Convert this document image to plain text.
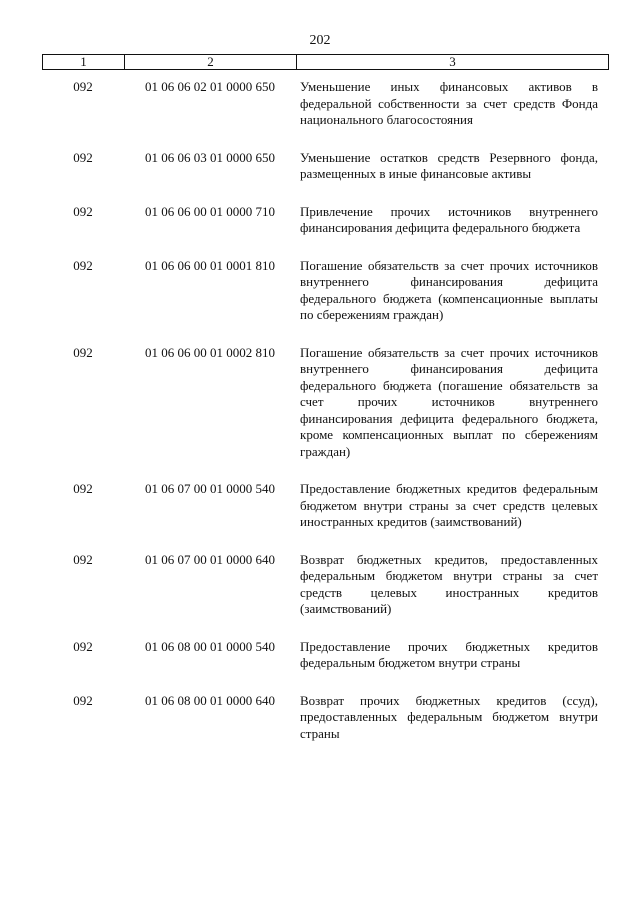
202
1	2	3
092	01 06 06 02 01 0000 650	Уменьшение иных финансовых активов в федеральной собственности за счет средств Фонда национального благосостояния
092	01 06 06 03 01 0000 650	Уменьшение остатков средств Резервного фонда, размещенных в иные финансовые активы
092	01 06 06 00 01 0000 710	Привлечение прочих источников внутреннего финансирования дефицита федерального бюджета
092	01 06 06 00 01 0001 810	Погашение обязательств за счет прочих источников внутреннего финансирования дефицита федерального бюджета (компенсационные выплаты по сбережениям граждан)
092	01 06 06 00 01 0002 810	Погашение обязательств за счет прочих источников внутреннего финансирования дефицита федерального бюджета (погашение обязательств за счет прочих источников внутреннего финансирования дефицита федерального бюджета, кроме компенсационных выплат по сбережениям граждан)
092	01 06 07 00 01 0000 540	Предоставление бюджетных кредитов федеральным бюджетом внутри страны за счет средств целевых иностранных кредитов (заимствований)
092	01 06 07 00 01 0000 640	Возврат бюджетных кредитов, предоставленных федеральным бюджетом внутри страны за счет средств целевых иностранных кредитов (заимствований)
092	01 06 08 00 01 0000 540	Предоставление прочих бюджетных кредитов федеральным бюджетом внутри страны
092	01 06 08 00 01 0000 640	Возврат прочих бюджетных кредитов (ссуд), предоставленных федеральным бюджетом внутри страны
